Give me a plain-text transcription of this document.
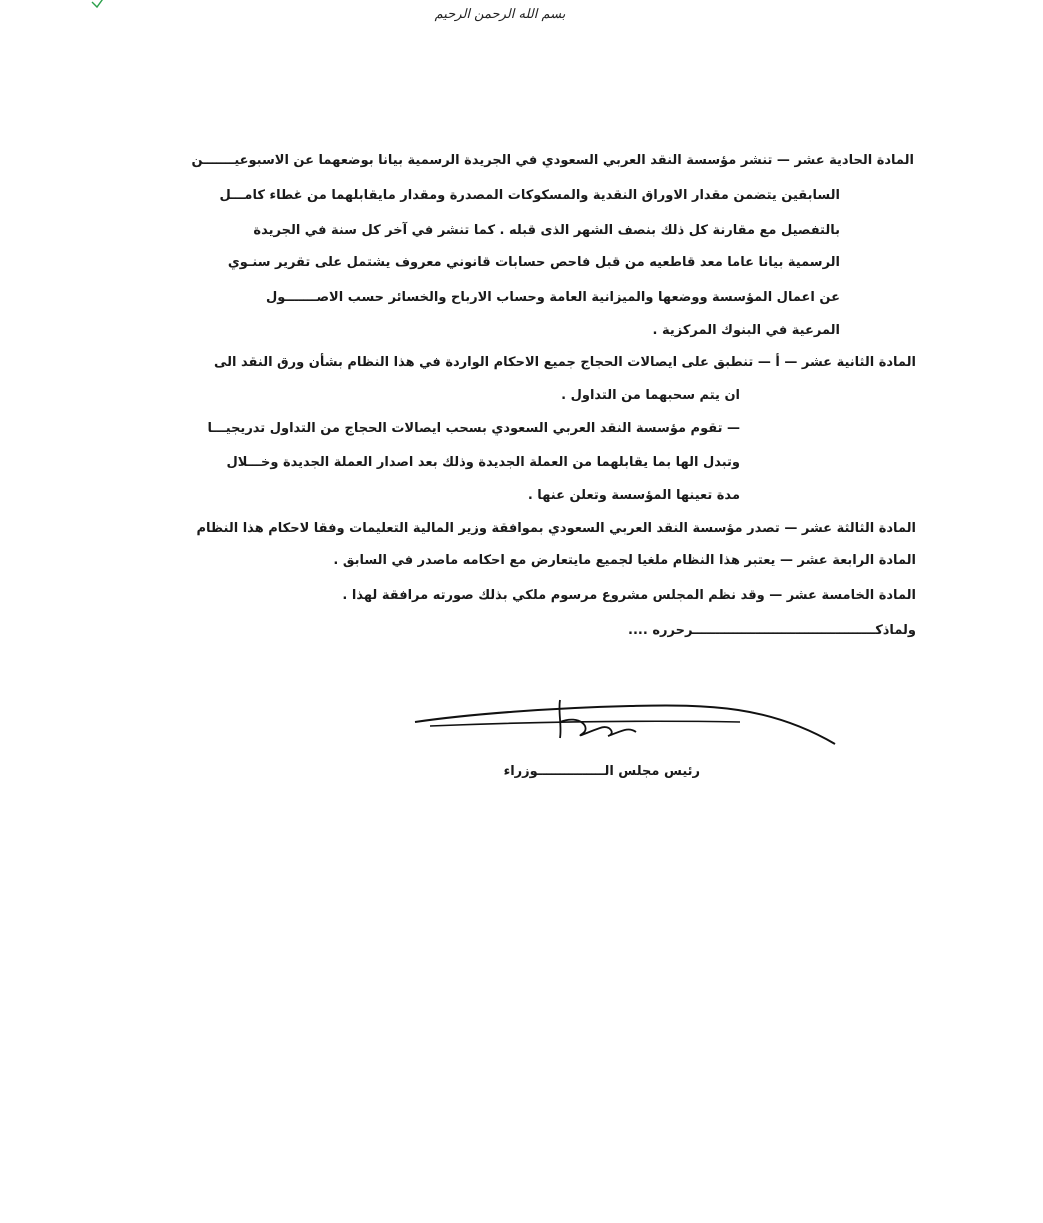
بسم الله الرحمن الرحيم
المادة الحادية عشر — تنشر مؤسسة النقد العربي السعودي في الجريدة الرسمية بيانا بوضعهما عن الاسبوعيـــــــن
السابقين يتضمن مقدار الاوراق النقدية والمسكوكات المصدرة ومقدار مايقابلهما من غطاء كامـــل
بالتفصيل مع مقارنة كل ذلك بنصف الشهر الذى قبله . كما تنشر في آخر كل سنة في الجريدة
الرسمية بيانا عاما معد قاطعيه من قبل فاحص حسابات قانوني معروف يشتمل على تقرير سنـوي
عن اعمال المؤسسة ووضعها والميزانية العامة وحساب الارباح والخسائر حسب الاصـــــــول
المرعية في البنوك المركزية .
المادة الثانية عشر — أ — تنطبق على ايصالات الحجاج جميع الاحكام الواردة في هذا النظام بشأن ورق النقد الى
ان يتم سحبهما من التداول .
— تقوم مؤسسة النقد العربي السعودي بسحب ايصالات الحجاج من التداول تدريجيـــا
وتبدل الها بما يقابلهما من العملة الجديدة وذلك بعد اصدار العملة الجديدة وخـــلال
مدة تعينها المؤسسة وتعلن عنها .
المادة الثالثة عشر — تصدر مؤسسة النقد العربي السعودي بموافقة وزير المالية التعليمات وفقا لاحكام هذا النظام
المادة الرابعة عشر — يعتبر هذا النظام ملغيا لجميع مايتعارض مع احكامه ماصدر في السابق .
المادة الخامسة عشر — وقد نظم المجلس مشروع مرسوم ملكي بذلك صورته مرافقة لهذا .
ولماذكـــــــــــــــــــــــــــــــــــــــــرحرره ....
رئيس مجلس الـــــــــــــــوزراء
